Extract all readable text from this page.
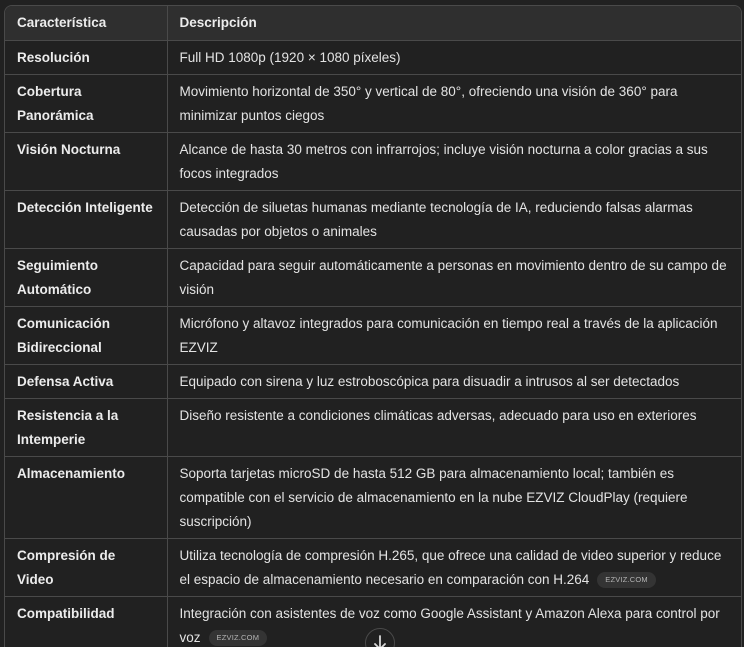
Característica	Descripción
Resolución	Full HD 1080p (1920 × 1080 píxeles)
Cobertura Panorámica	Movimiento horizontal de 350° y vertical de 80°, ofreciendo una visión de 360° para minimizar puntos ciegos
Visión Nocturna	Alcance de hasta 30 metros con infrarrojos; incluye visión nocturna a color gracias a sus focos integrados
Detección Inteligente	Detección de siluetas humanas mediante tecnología de IA, reduciendo falsas alarmas causadas por objetos o animales
Seguimiento Automático	Capacidad para seguir automáticamente a personas en movimiento dentro de su campo de visión
Comunicación Bidireccional	Micrófono y altavoz integrados para comunicación en tiempo real a través de la aplicación EZVIZ
Defensa Activa	Equipado con sirena y luz estroboscópica para disuadir a intrusos al ser detectados
Resistencia a la Intemperie	Diseño resistente a condiciones climáticas adversas, adecuado para uso en exteriores
Almacenamiento	Soporta tarjetas microSD de hasta 512 GB para almacenamiento local; también es compatible con el servicio de almacenamiento en la nube EZVIZ CloudPlay (requiere suscripción)
Compresión de Video	Utiliza tecnología de compresión H.265, que ofrece una calidad de video superior y reduce el espacio de almacenamiento necesario en comparación con H.264 EZVIZ.COM
Compatibilidad	Integración con asistentes de voz como Google Assistant y Amazon Alexa para control por voz EZVIZ.COM
